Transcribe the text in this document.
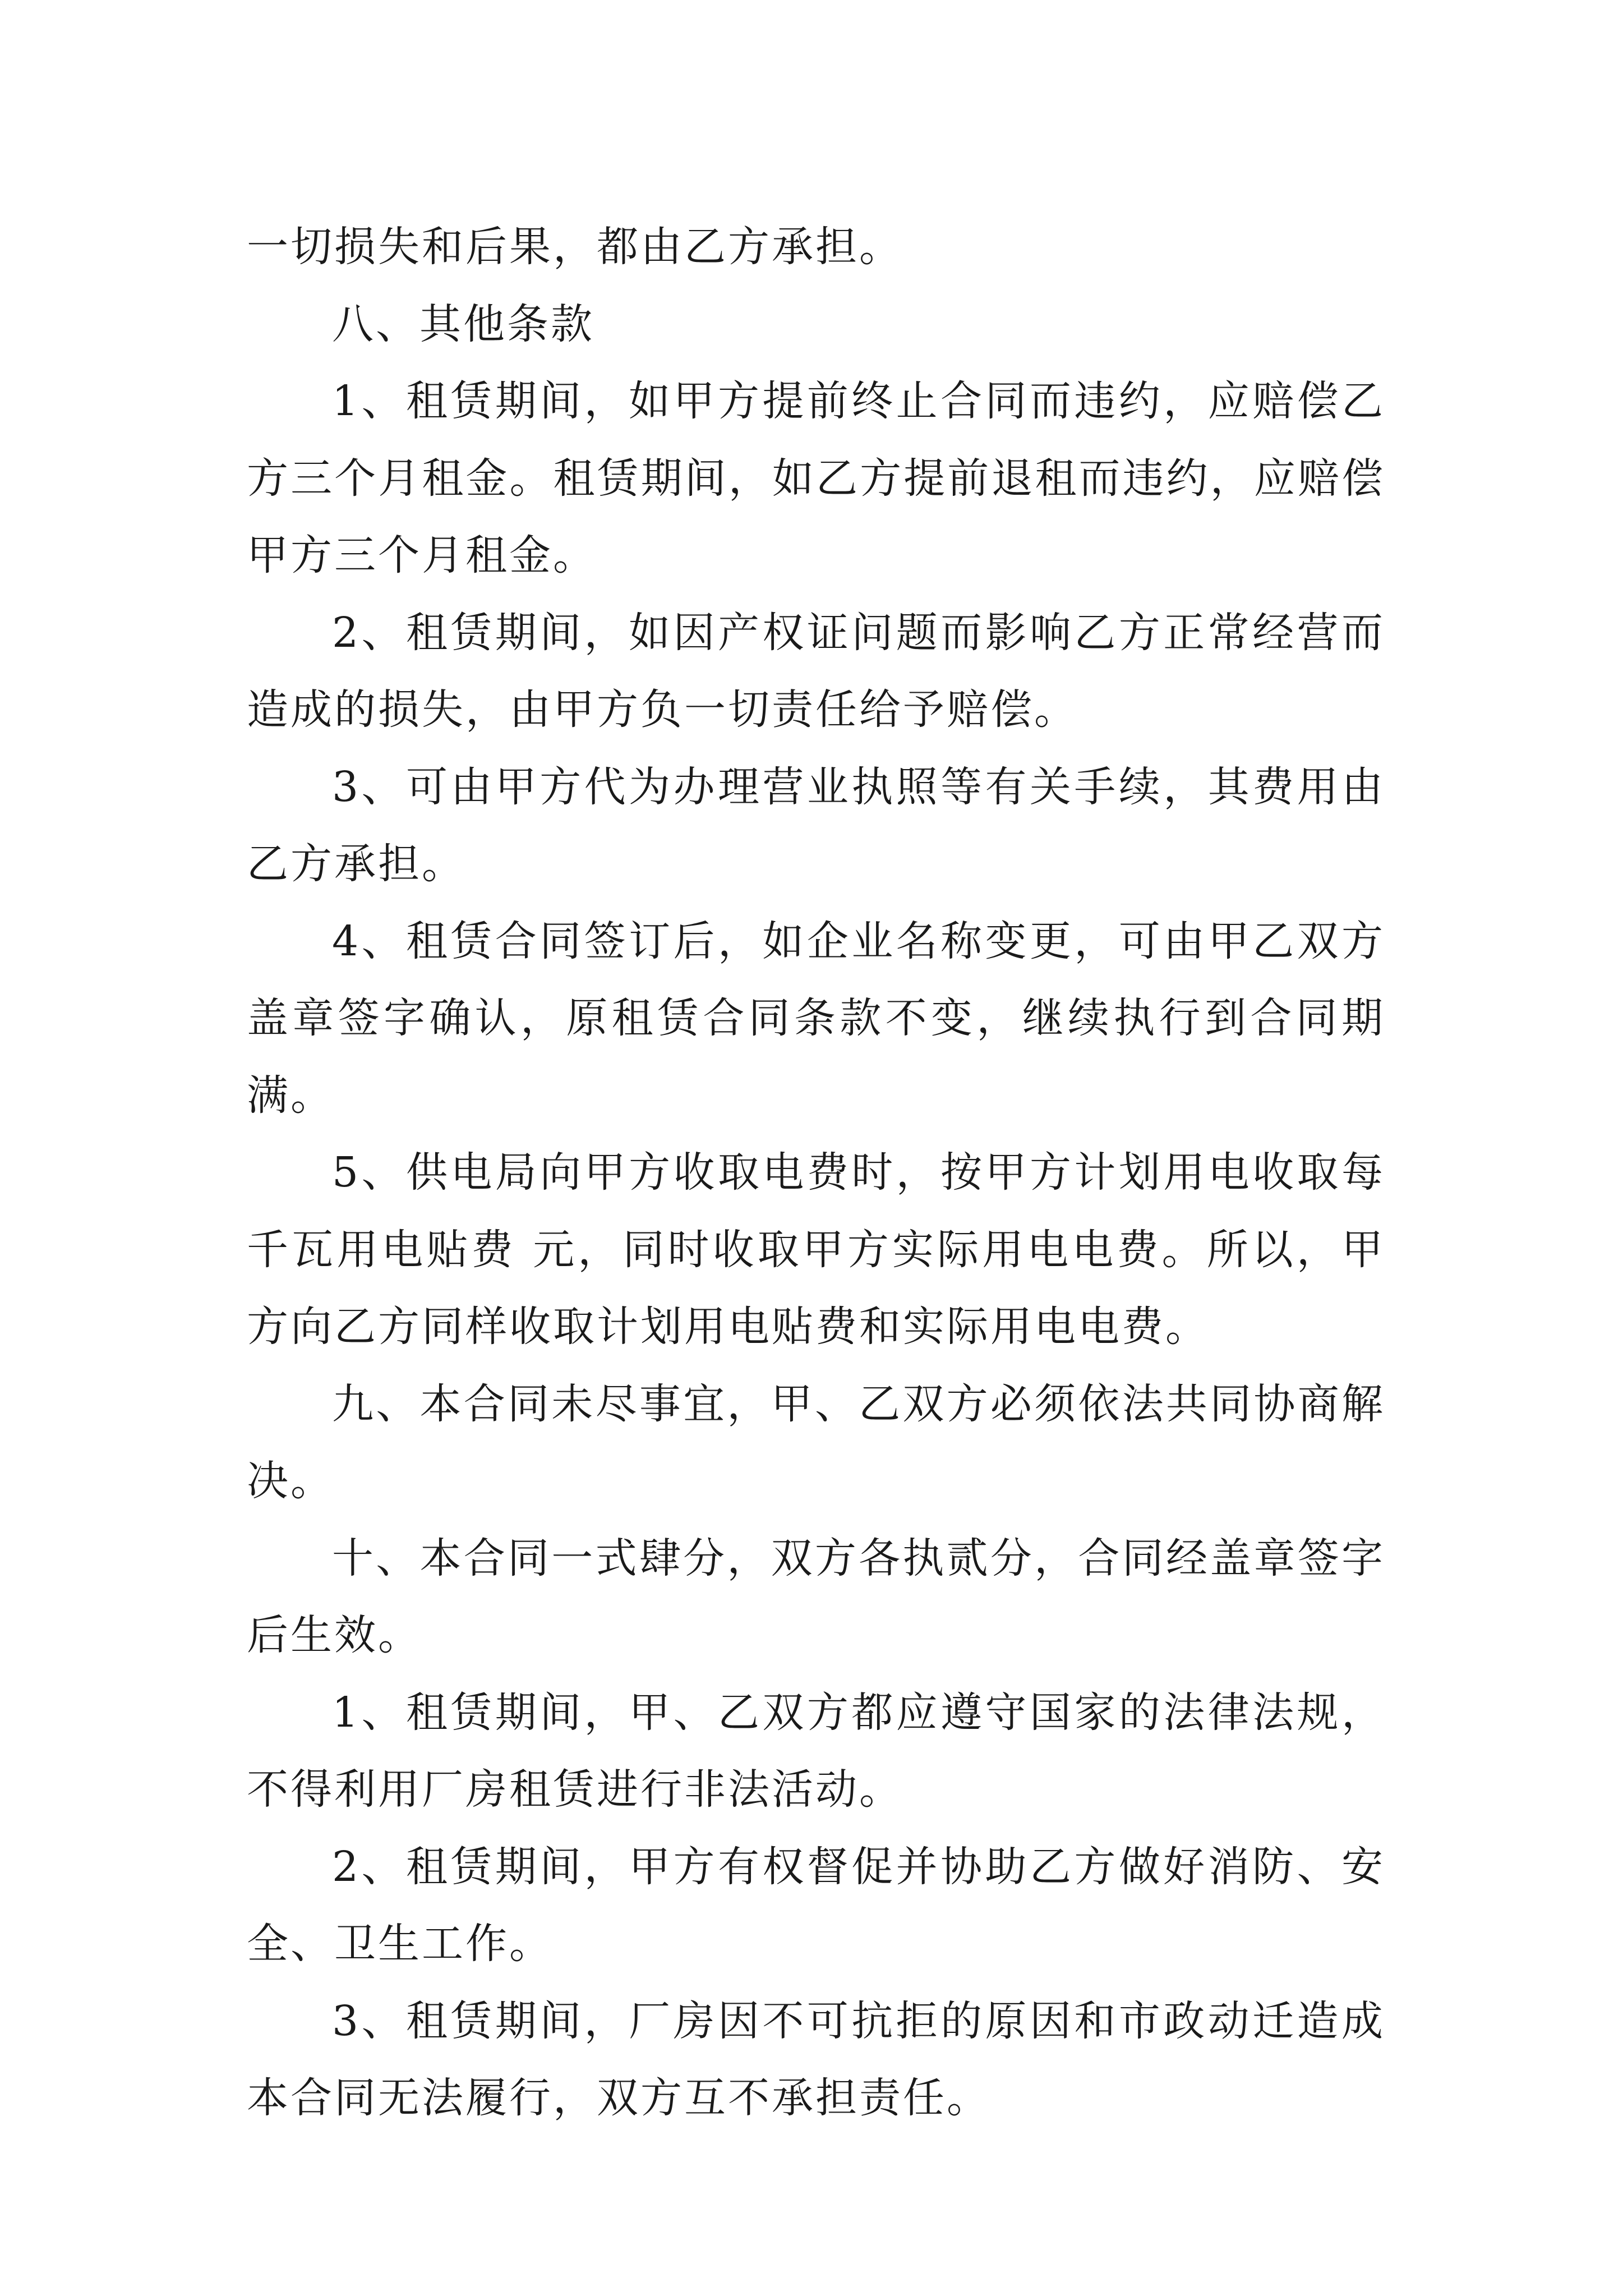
一切损失和后果，都由乙方承担。

八、其他条款

1、租赁期间，如甲方提前终止合同而违约，应赔偿乙方三个月租金。租赁期间，如乙方提前退租而违约，应赔偿甲方三个月租金。

2、租赁期间，如因产权证问题而影响乙方正常经营而造成的损失，由甲方负一切责任给予赔偿。

3、可由甲方代为办理营业执照等有关手续，其费用由乙方承担。

4、租赁合同签订后，如企业名称变更，可由甲乙双方盖章签字确认，原租赁合同条款不变，继续执行到合同期满。

5、供电局向甲方收取电费时，按甲方计划用电收取每千瓦用电贴费 元，同时收取甲方实际用电电费。所以，甲方向乙方同样收取计划用电贴费和实际用电电费。

九、本合同未尽事宜，甲、乙双方必须依法共同协商解决。

十、本合同一式肆分，双方各执贰分，合同经盖章签字后生效。

1、租赁期间，甲、乙双方都应遵守国家的法律法规，不得利用厂房租赁进行非法活动。

2、租赁期间，甲方有权督促并协助乙方做好消防、安全、卫生工作。

3、租赁期间，厂房因不可抗拒的原因和市政动迁造成本合同无法履行，双方互不承担责任。
